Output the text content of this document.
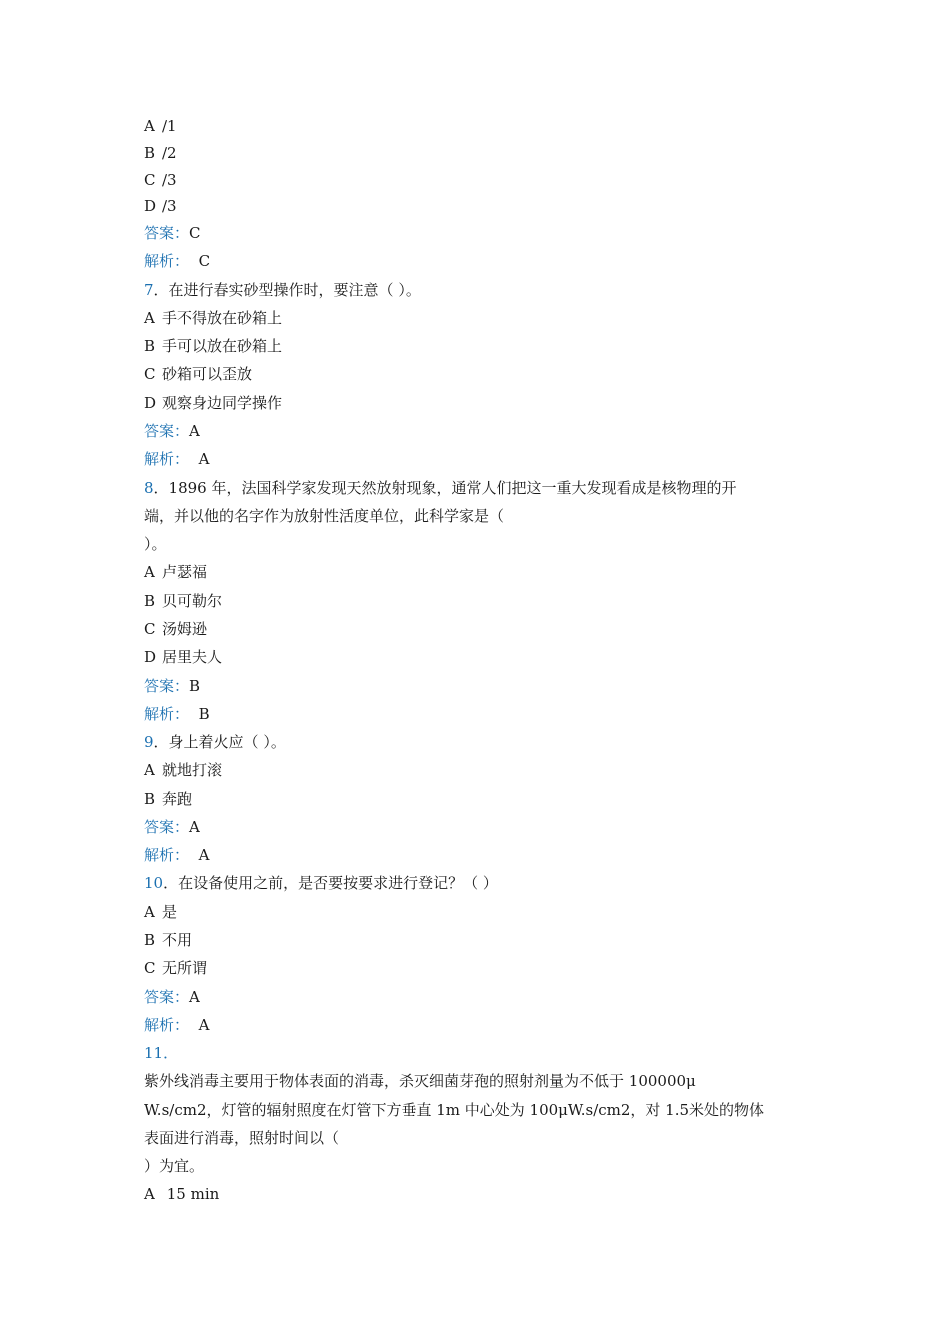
A ∕1
B ∕2
C ∕3
D ∕3
答案：C
解析： C
7．在进行春实砂型操作时，要注意（ ）。
A 手不得放在砂箱上
B 手可以放在砂箱上
C 砂箱可以歪放
D 观察身边同学操作
答案：A
解析： A
8．1896 年，法国科学家发现天然放射现象，通常人们把这一重大发现看成是核物理的开
端，并以他的名字作为放射性活度单位，此科学家是（
）。
A 卢瑟福
B 贝可勒尔
C 汤姆逊
D 居里夫人
答案：B
解析： B
9．身上着火应（ ）。
A 就地打滚
B 奔跑
答案：A
解析： A
10．在设备使用之前，是否要按要求进行登记？（ ）
A 是
B 不用
C 无所谓
答案：A
解析： A
11．
紫外线消毒主要用于物体表面的消毒，杀灭细菌芽孢的照射剂量为不低于 100000μ
W.s/cm2，灯管的辐射照度在灯管下方垂直 1m 中心处为 100μW.s/cm2，对 1.5米处的物体
表面进行消毒，照射时间以（
）为宜。
A 15 min
